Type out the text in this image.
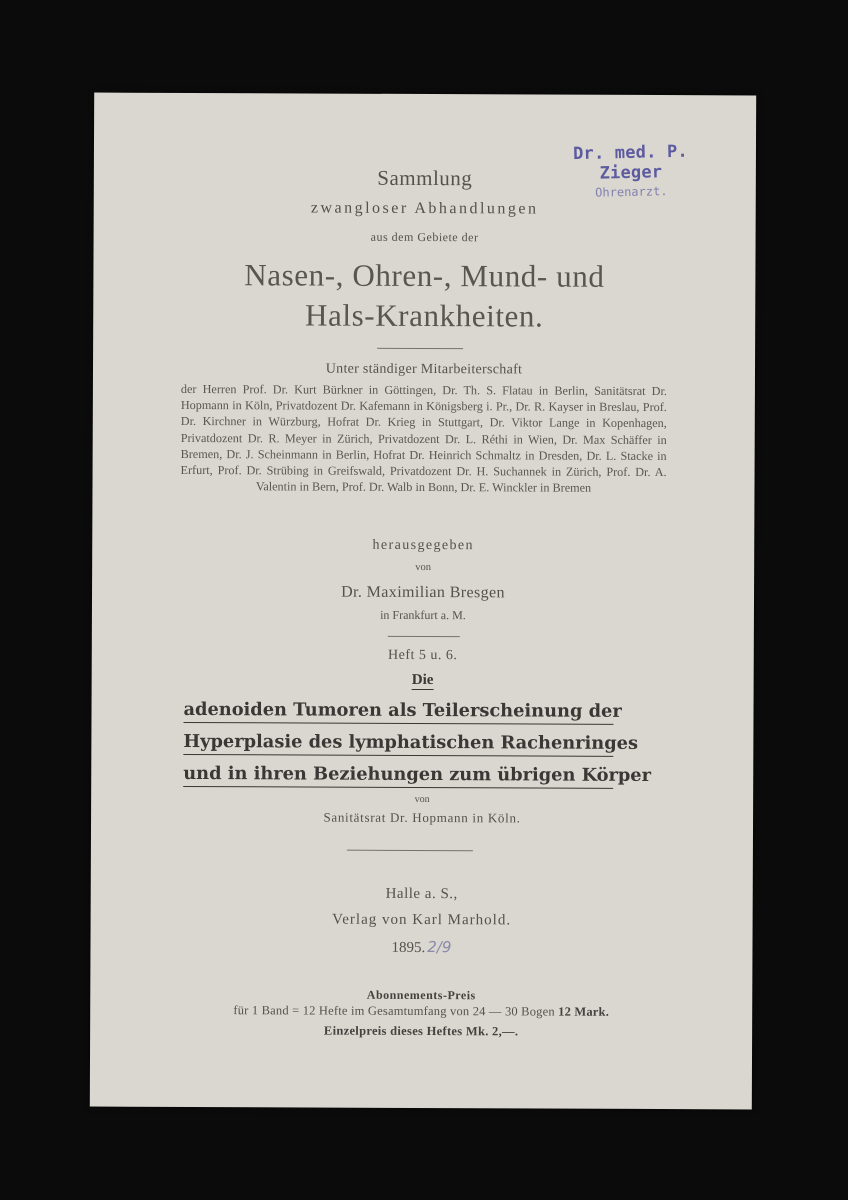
Dr. med. P. Zieger
Ohrenarzt.
Sammlung
zwangloser Abhandlungen
aus dem Gebiete der
Nasen-, Ohren-, Mund- und
Hals-Krankheiten.
Unter ständiger Mitarbeiterschaft
der Herren Prof. Dr. Kurt Bürkner in Göttingen, Dr. Th. S. Flatau in Berlin, Sanitätsrat Dr. Hopmann in Köln, Privatdozent Dr. Kafemann in Königsberg i. Pr., Dr. R. Kayser in Breslau, Prof. Dr. Kirchner in Würzburg, Hofrat Dr. Krieg in Stuttgart, Dr. Viktor Lange in Kopenhagen, Privatdozent Dr. R. Meyer in Zürich, Privatdozent Dr. L. Réthi in Wien, Dr. Max Schäffer in Bremen, Dr. J. Scheinmann in Berlin, Hofrat Dr. Heinrich Schmaltz in Dresden, Dr. L. Stacke in Erfurt, Prof. Dr. Strübing in Greifswald, Privatdozent Dr. H. Suchannek in Zürich, Prof. Dr. A. Valentin in Bern, Prof. Dr. Walb in Bonn, Dr. E. Winckler in Bremen
herausgegeben
von
Dr. Maximilian Bresgen
in Frankfurt a. M.
Heft 5 u. 6.
Die
adenoiden Tumoren als Teilerscheinung der
Hyperplasie des lymphatischen Rachenringes
und in ihren Beziehungen zum übrigen Körper
von
Sanitätsrat Dr. Hopmann in Köln.
Halle a. S.,
Verlag von Karl Marhold.
1895. 2/9
Abonnements-Preis
für 1 Band = 12 Hefte im Gesamtumfang von 24 — 30 Bogen 12 Mark.
Einzelpreis dieses Heftes Mk. 2,—.
